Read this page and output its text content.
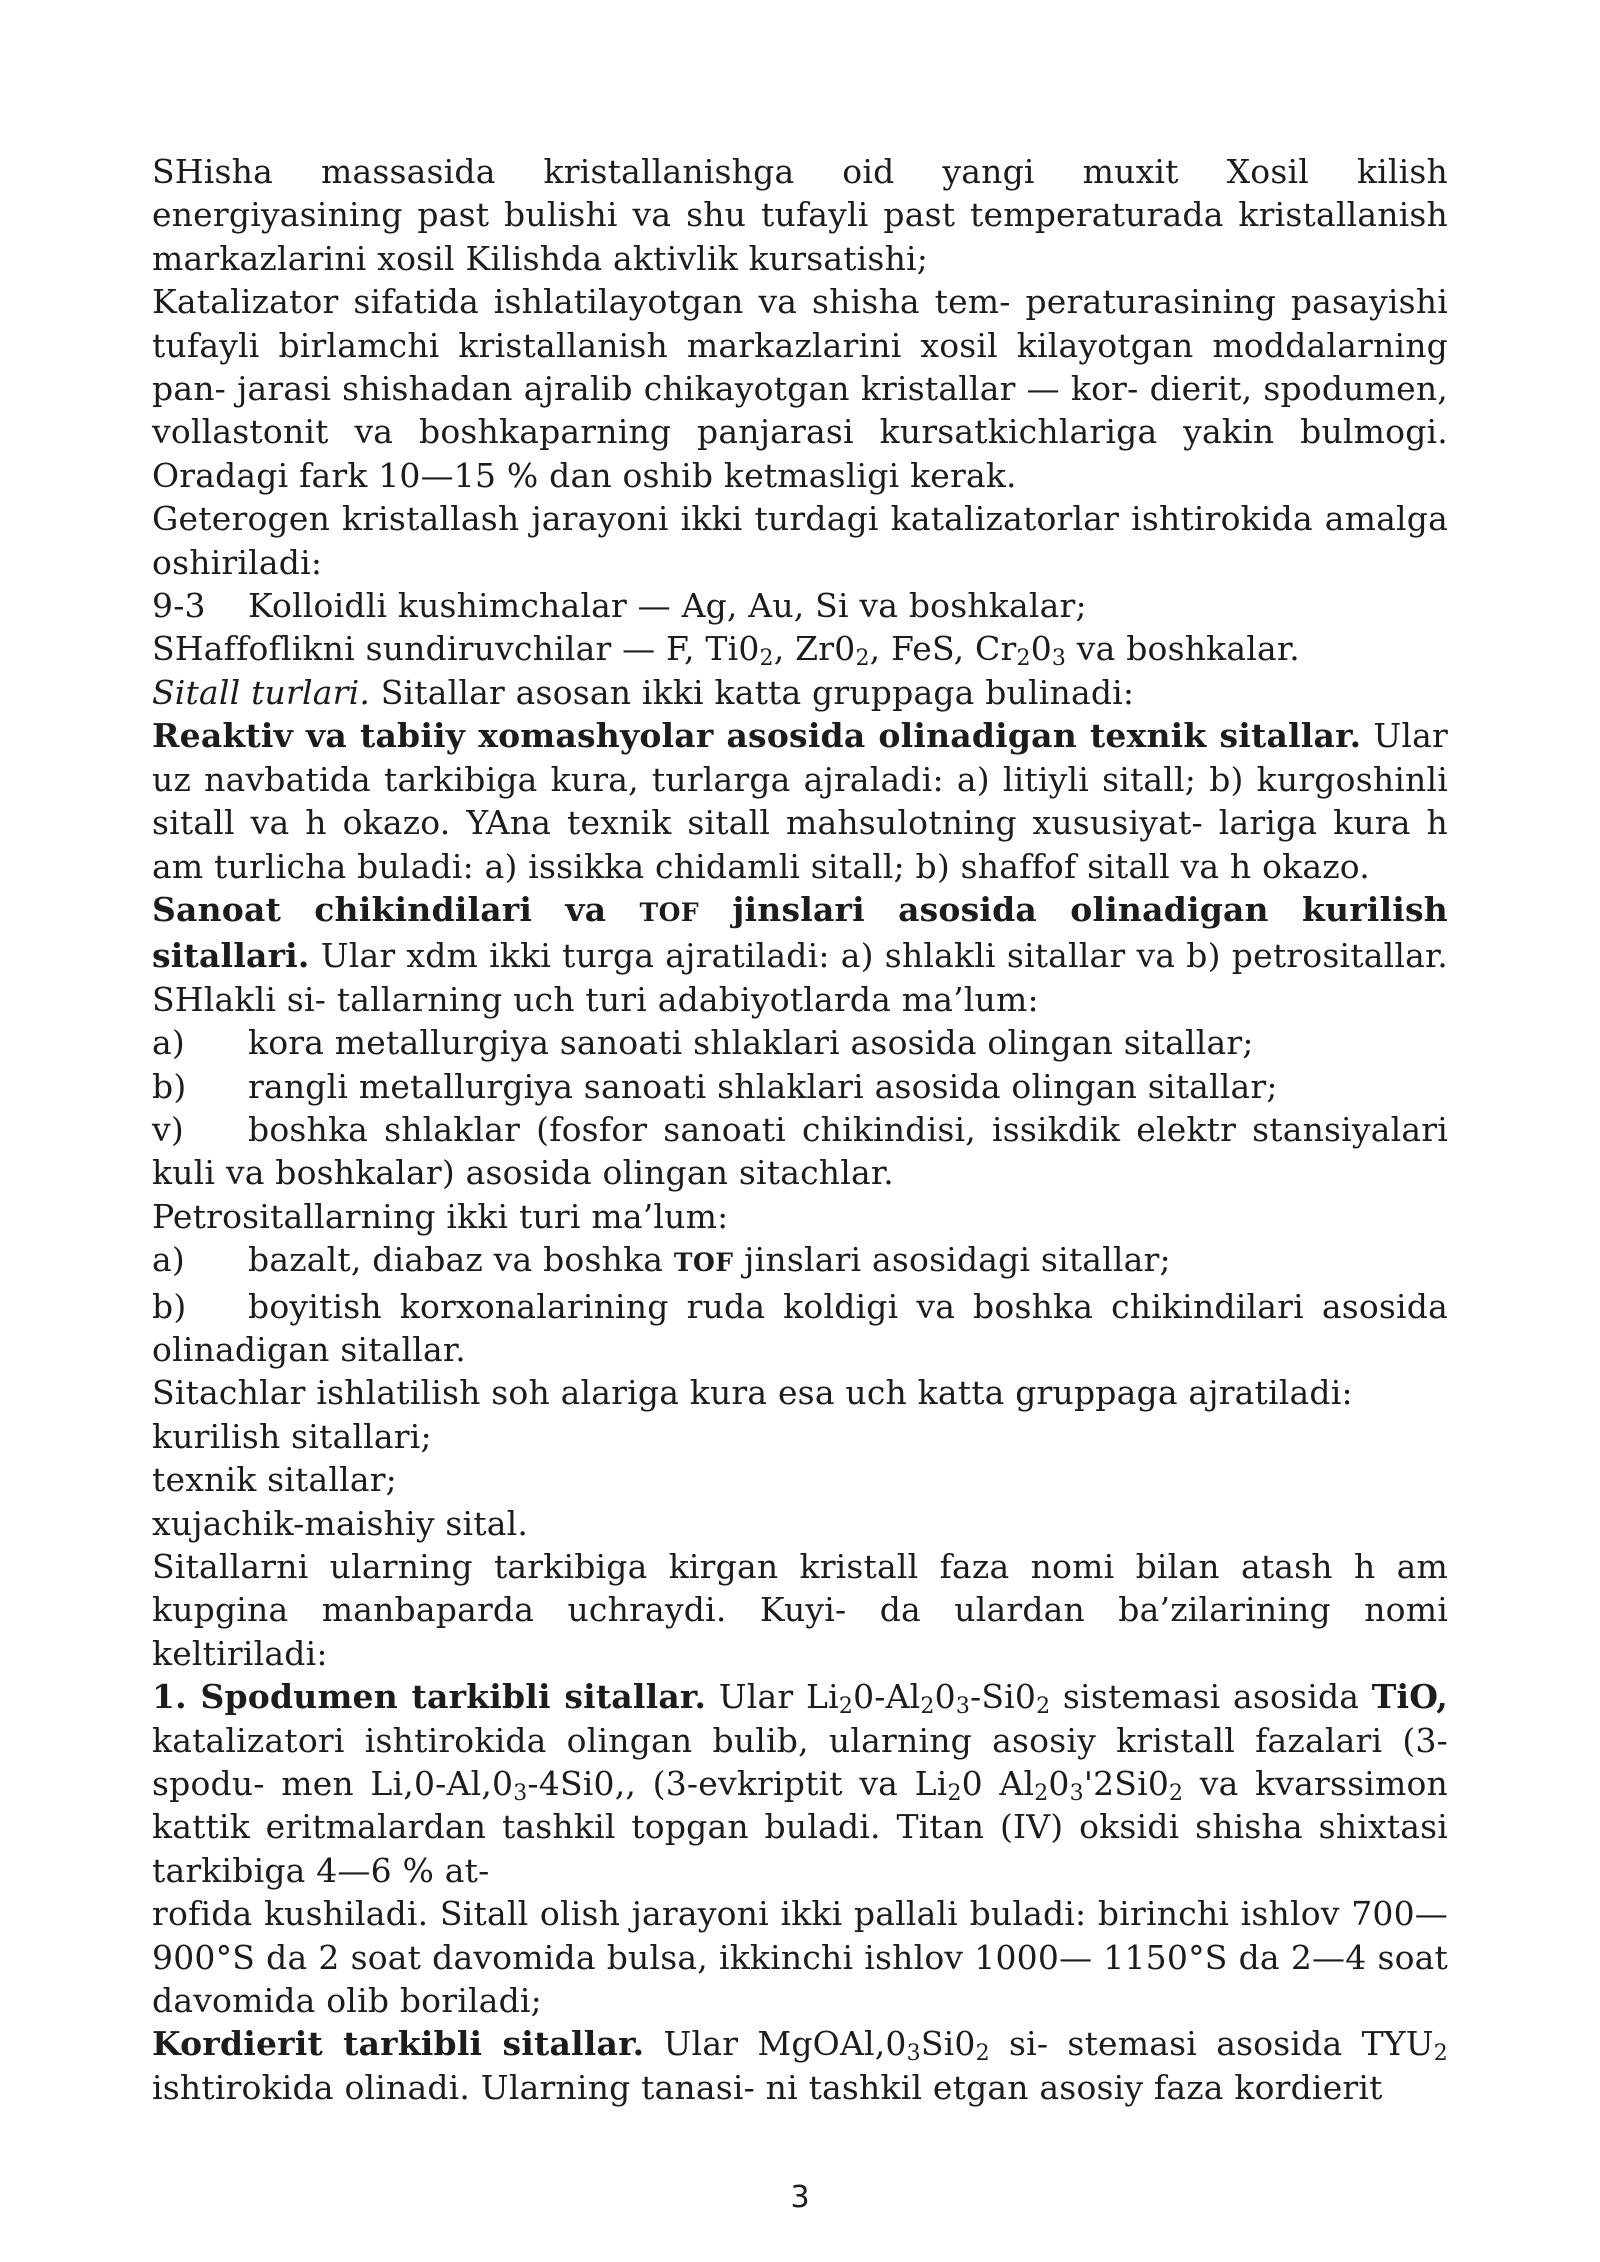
SHisha massasida kristallanishga oid yangi muxit Xosil kilish energiyasining past bulishi va shu tufayli past temperaturada kristallanish markazlarini xosil Kilishda aktivlik kursatishi;

Katalizator sifatida ishlatilayotgan va shisha tem- peraturasining pasayishi tufayli birlamchi kristallanish markazlarini xosil kilayotgan moddalarning pan- jarasi shishadan ajralib chikayotgan kristallar — kor- dierit, spodumen, vollastonit va boshkaparning panjarasi kursatkichlariga yakin bulmogi. Oradagi fark 10—15 % dan oshib ketmasligi kerak.

Geterogen kristallash jarayoni ikki turdagi katalizatorlar ishtirokida amalga oshiriladi:

9-3 Kolloidli kushimchalar — Ag, Au, Si va boshkalar;

SHaffoflikni sundiruvchilar — F, $Ti0_2$, $Zr0_2$, FeS, $Cr_20_3$ va boshkalar.

Sitall turlari. Sitallar asosan ikki katta gruppaga bulinadi:

Reaktiv va tabiiy xomashyolar asosida olinadigan texnik sitallar. Ular uz navbatida tarkibiga kura, turlarga ajraladi: a) litiyli sitall; b) kurgoshinli sitall va h okazo. YAna texnik sitall mahsulotning xususiyat- lariga kura h am turlicha buladi: a) issikka chidamli sitall; b) shaffof sitall va h okazo.

Sanoat chikindilari va TOF jinslari asosida olinadigan kurilish sitallari. Ular xdm ikki turga ajratiladi: a) shlakli sitallar va b) petrositallar. SHlakli si- tallarning uch turi adabiyotlarda ma’lum:

a) kora metallurgiya sanoati shlaklari asosida olingan sitallar;

b) rangli metallurgiya sanoati shlaklari asosida olingan sitallar;

v) boshka shlaklar (fosfor sanoati chikindisi, issikdik elektr stansiyalari kuli va boshkalar) asosida olingan sitachlar.

Petrositallarning ikki turi ma’lum:

a) bazalt, diabaz va boshka TOF jinslari asosidagi sitallar;

b) boyitish korxonalarining ruda koldigi va boshka chikindilari asosida olinadigan sitallar.

Sitachlar ishlatilish soh alariga kura esa uch katta gruppaga ajratiladi:

kurilish sitallari;

texnik sitallar;

xujachik-maishiy sital.

Sitallarni ularning tarkibiga kirgan kristall faza nomi bilan atash h am kupgina manbaparda uchraydi. Kuyi- da ulardan ba’zilarining nomi keltiriladi:

1. Spodumen tarkibli sitallar. Ular $Li_20-Al_20_3-Si0_2$ sistemasi asosida TiO, katalizatori ishtirokida olingan bulib, ularning asosiy kristall fazalari (3-spodu- men $Li,0-Al,0_3-4Si0$,, (3-evkriptit va $Li_20$ $Al_20_3'2Si0_2$ va kvarssimon kattik eritmalardan tashkil topgan buladi. Titan (IV) oksidi shisha shixtasi tarkibiga 4—6 % at-

rofida kushiladi. Sitall olish jarayoni ikki pallali buladi: birinchi ishlov 700—900°S da 2 soat davomida bulsa, ikkinchi ishlov 1000— 1150°S da 2—4 soat davomida olib boriladi;

Kordierit tarkibli sitallar. Ular $MgOAl,0_3Si0_2$ si- stemasi asosida $TYU_2$ ishtirokida olinadi. Ularning tanasi- ni tashkil etgan asosiy faza kordierit

3
